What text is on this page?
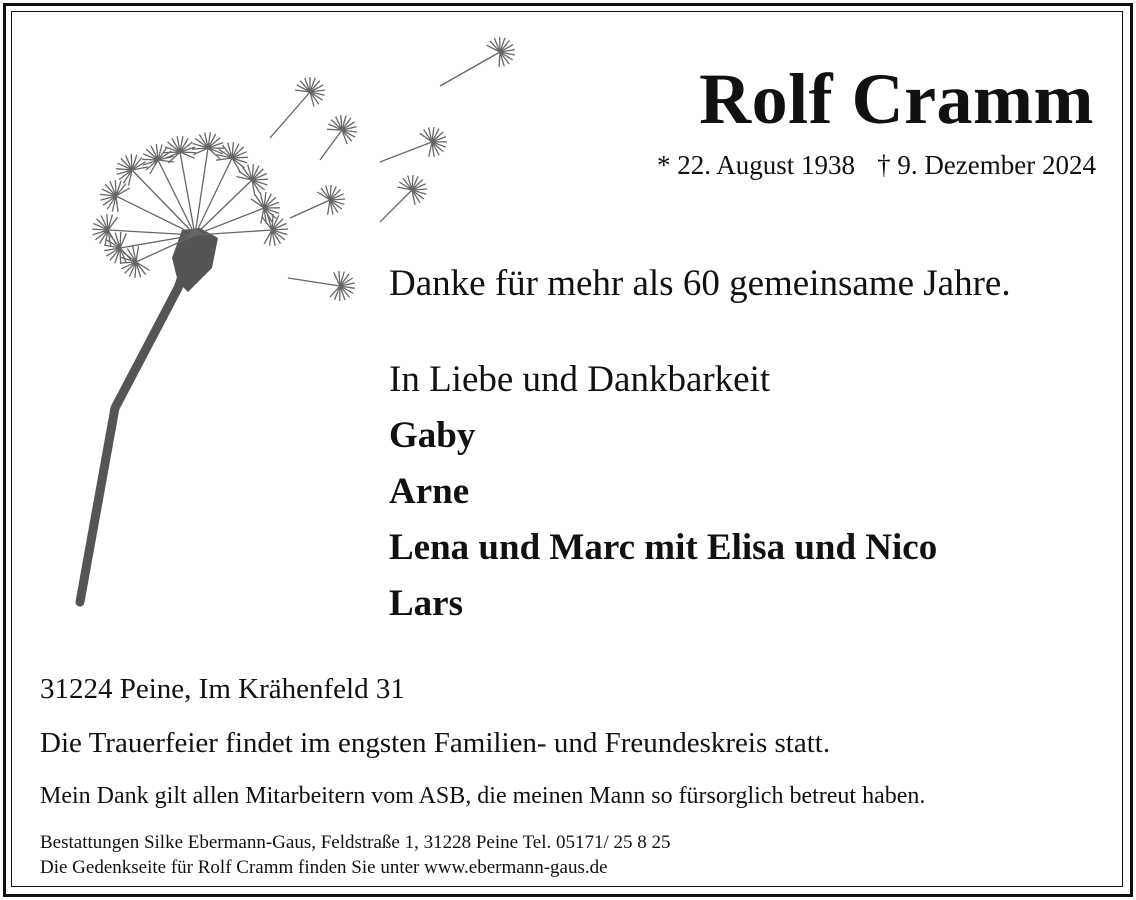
Rolf Cramm
* 22. August 1938 † 9. Dezember 2024
Danke für mehr als 60 gemeinsame Jahre.
In Liebe und Dankbarkeit
Gaby
Arne
Lena und Marc mit Elisa und Nico
Lars
31224 Peine, Im Krähenfeld 31
Die Trauerfeier findet im engsten Familien- und Freundeskreis statt.
Mein Dank gilt allen Mitarbeitern vom ASB, die meinen Mann so fürsorglich betreut haben.
Bestattungen Silke Ebermann-Gaus, Feldstraße 1, 31228 Peine Tel. 05171/ 25 8 25
Die Gedenkseite für Rolf Cramm finden Sie unter www.ebermann-gaus.de
